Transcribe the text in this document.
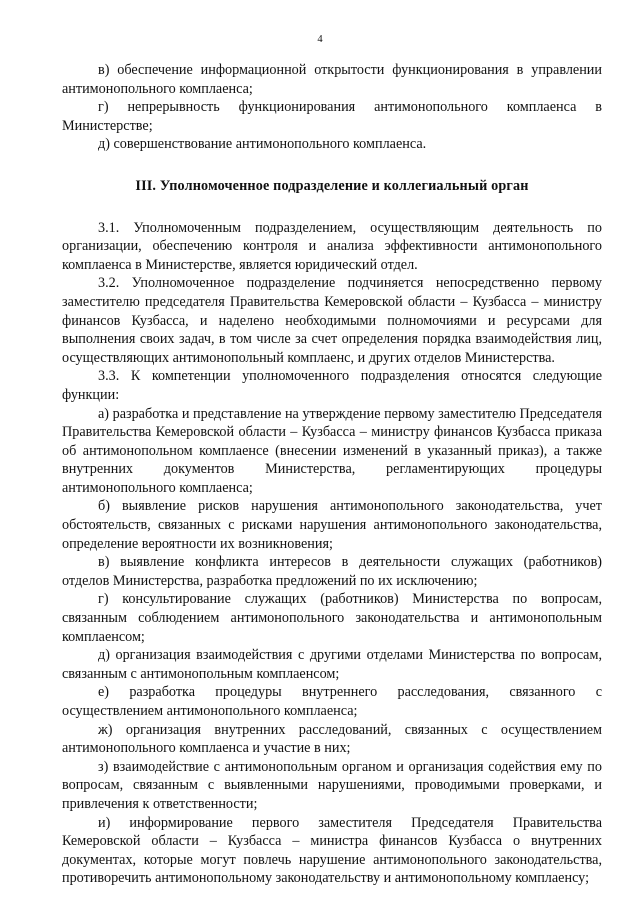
4

в) обеспечение информационной открытости функционирования в управлении антимонопольного комплаенса;

г) непрерывность функционирования антимонопольного комплаенса в Министерстве;

д) совершенствование антимонопольного комплаенса.

III. Уполномоченное подразделение и коллегиальный орган

3.1. Уполномоченным подразделением, осуществляющим деятельность по организации, обеспечению контроля и анализа эффективности антимонопольного комплаенса в Министерстве, является юридический отдел.

3.2. Уполномоченное подразделение подчиняется непосредственно первому заместителю председателя Правительства Кемеровской области – Кузбасса – министру финансов Кузбасса, и наделено необходимыми полномочиями и ресурсами для выполнения своих задач, в том числе за счет определения порядка взаимодействия лиц, осуществляющих антимонопольный комплаенс, и других отделов Министерства.

3.3. К компетенции уполномоченного подразделения относятся следующие функции:

а) разработка и представление на утверждение первому заместителю Председателя Правительства Кемеровской области – Кузбасса – министру финансов Кузбасса приказа об антимонопольном комплаенсе (внесении изменений в указанный приказ), а также внутренних документов Министерства, регламентирующих процедуры антимонопольного комплаенса;

б) выявление рисков нарушения антимонопольного законодательства, учет обстоятельств, связанных с рисками нарушения антимонопольного законодательства, определение вероятности их возникновения;

в) выявление конфликта интересов в деятельности служащих (работников) отделов Министерства, разработка предложений по их исключению;

г) консультирование служащих (работников) Министерства по вопросам, связанным соблюдением антимонопольного законодательства и антимонопольным комплаенсом;

д) организация взаимодействия с другими отделами Министерства по вопросам, связанным с антимонопольным комплаенсом;

е) разработка процедуры внутреннего расследования, связанного с осуществлением антимонопольного комплаенса;

ж) организация внутренних расследований, связанных с осуществлением антимонопольного комплаенса и участие в них;

з) взаимодействие с антимонопольным органом и организация содействия ему по вопросам, связанным с выявленными нарушениями, проводимыми проверками, и привлечения к ответственности;

и) информирование первого заместителя Председателя Правительства Кемеровской области – Кузбасса – министра финансов Кузбасса о внутренних документах, которые могут повлечь нарушение антимонопольного законодательства, противоречить антимонопольному законодательству и антимонопольному комплаенсу;
